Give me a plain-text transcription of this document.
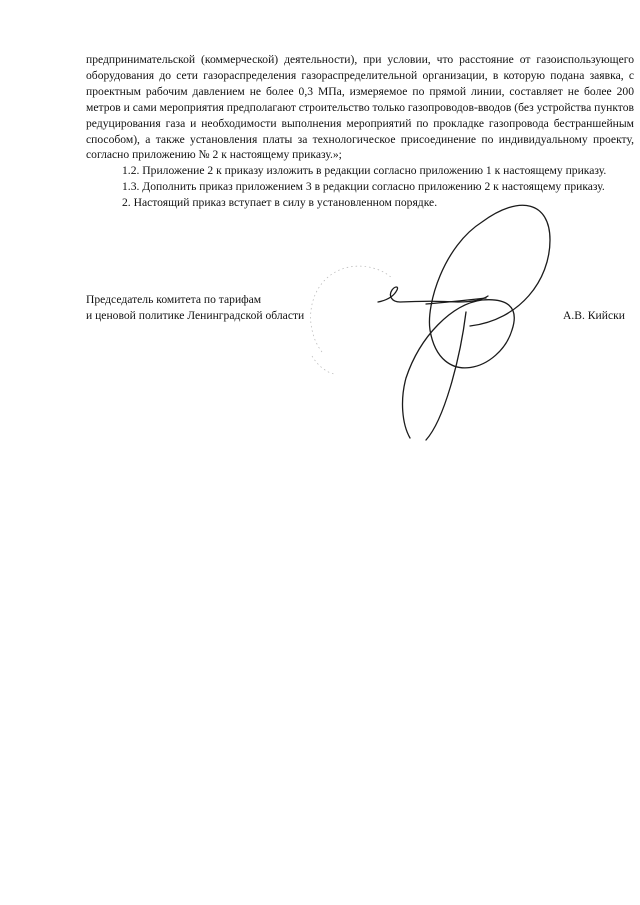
предпринимательской (коммерческой) деятельности), при условии, что расстояние от газоиспользующего оборудования до сети газораспределения газораспределительной организации, в которую подана заявка, с проектным рабочим давлением не более 0,3 МПа, измеряемое по прямой линии, составляет не более 200 метров и сами мероприятия предполагают строительство только газопроводов-вводов (без устройства пунктов редуцирования газа и необходимости выполнения мероприятий по прокладке газопровода бестраншейным способом), а также установления платы за технологическое присоединение по индивидуальному проекту, согласно приложению № 2 к настоящему приказу.»;

1.2. Приложение 2 к приказу изложить в редакции согласно приложению 1 к настоящему приказу.

1.3. Дополнить приказ приложением 3 в редакции согласно приложению 2 к настоящему приказу.

2. Настоящий приказ вступает в силу в установленном порядке.

Председатель комитета по тарифам
и ценовой политике Ленинградской области	А.В. Кийски
